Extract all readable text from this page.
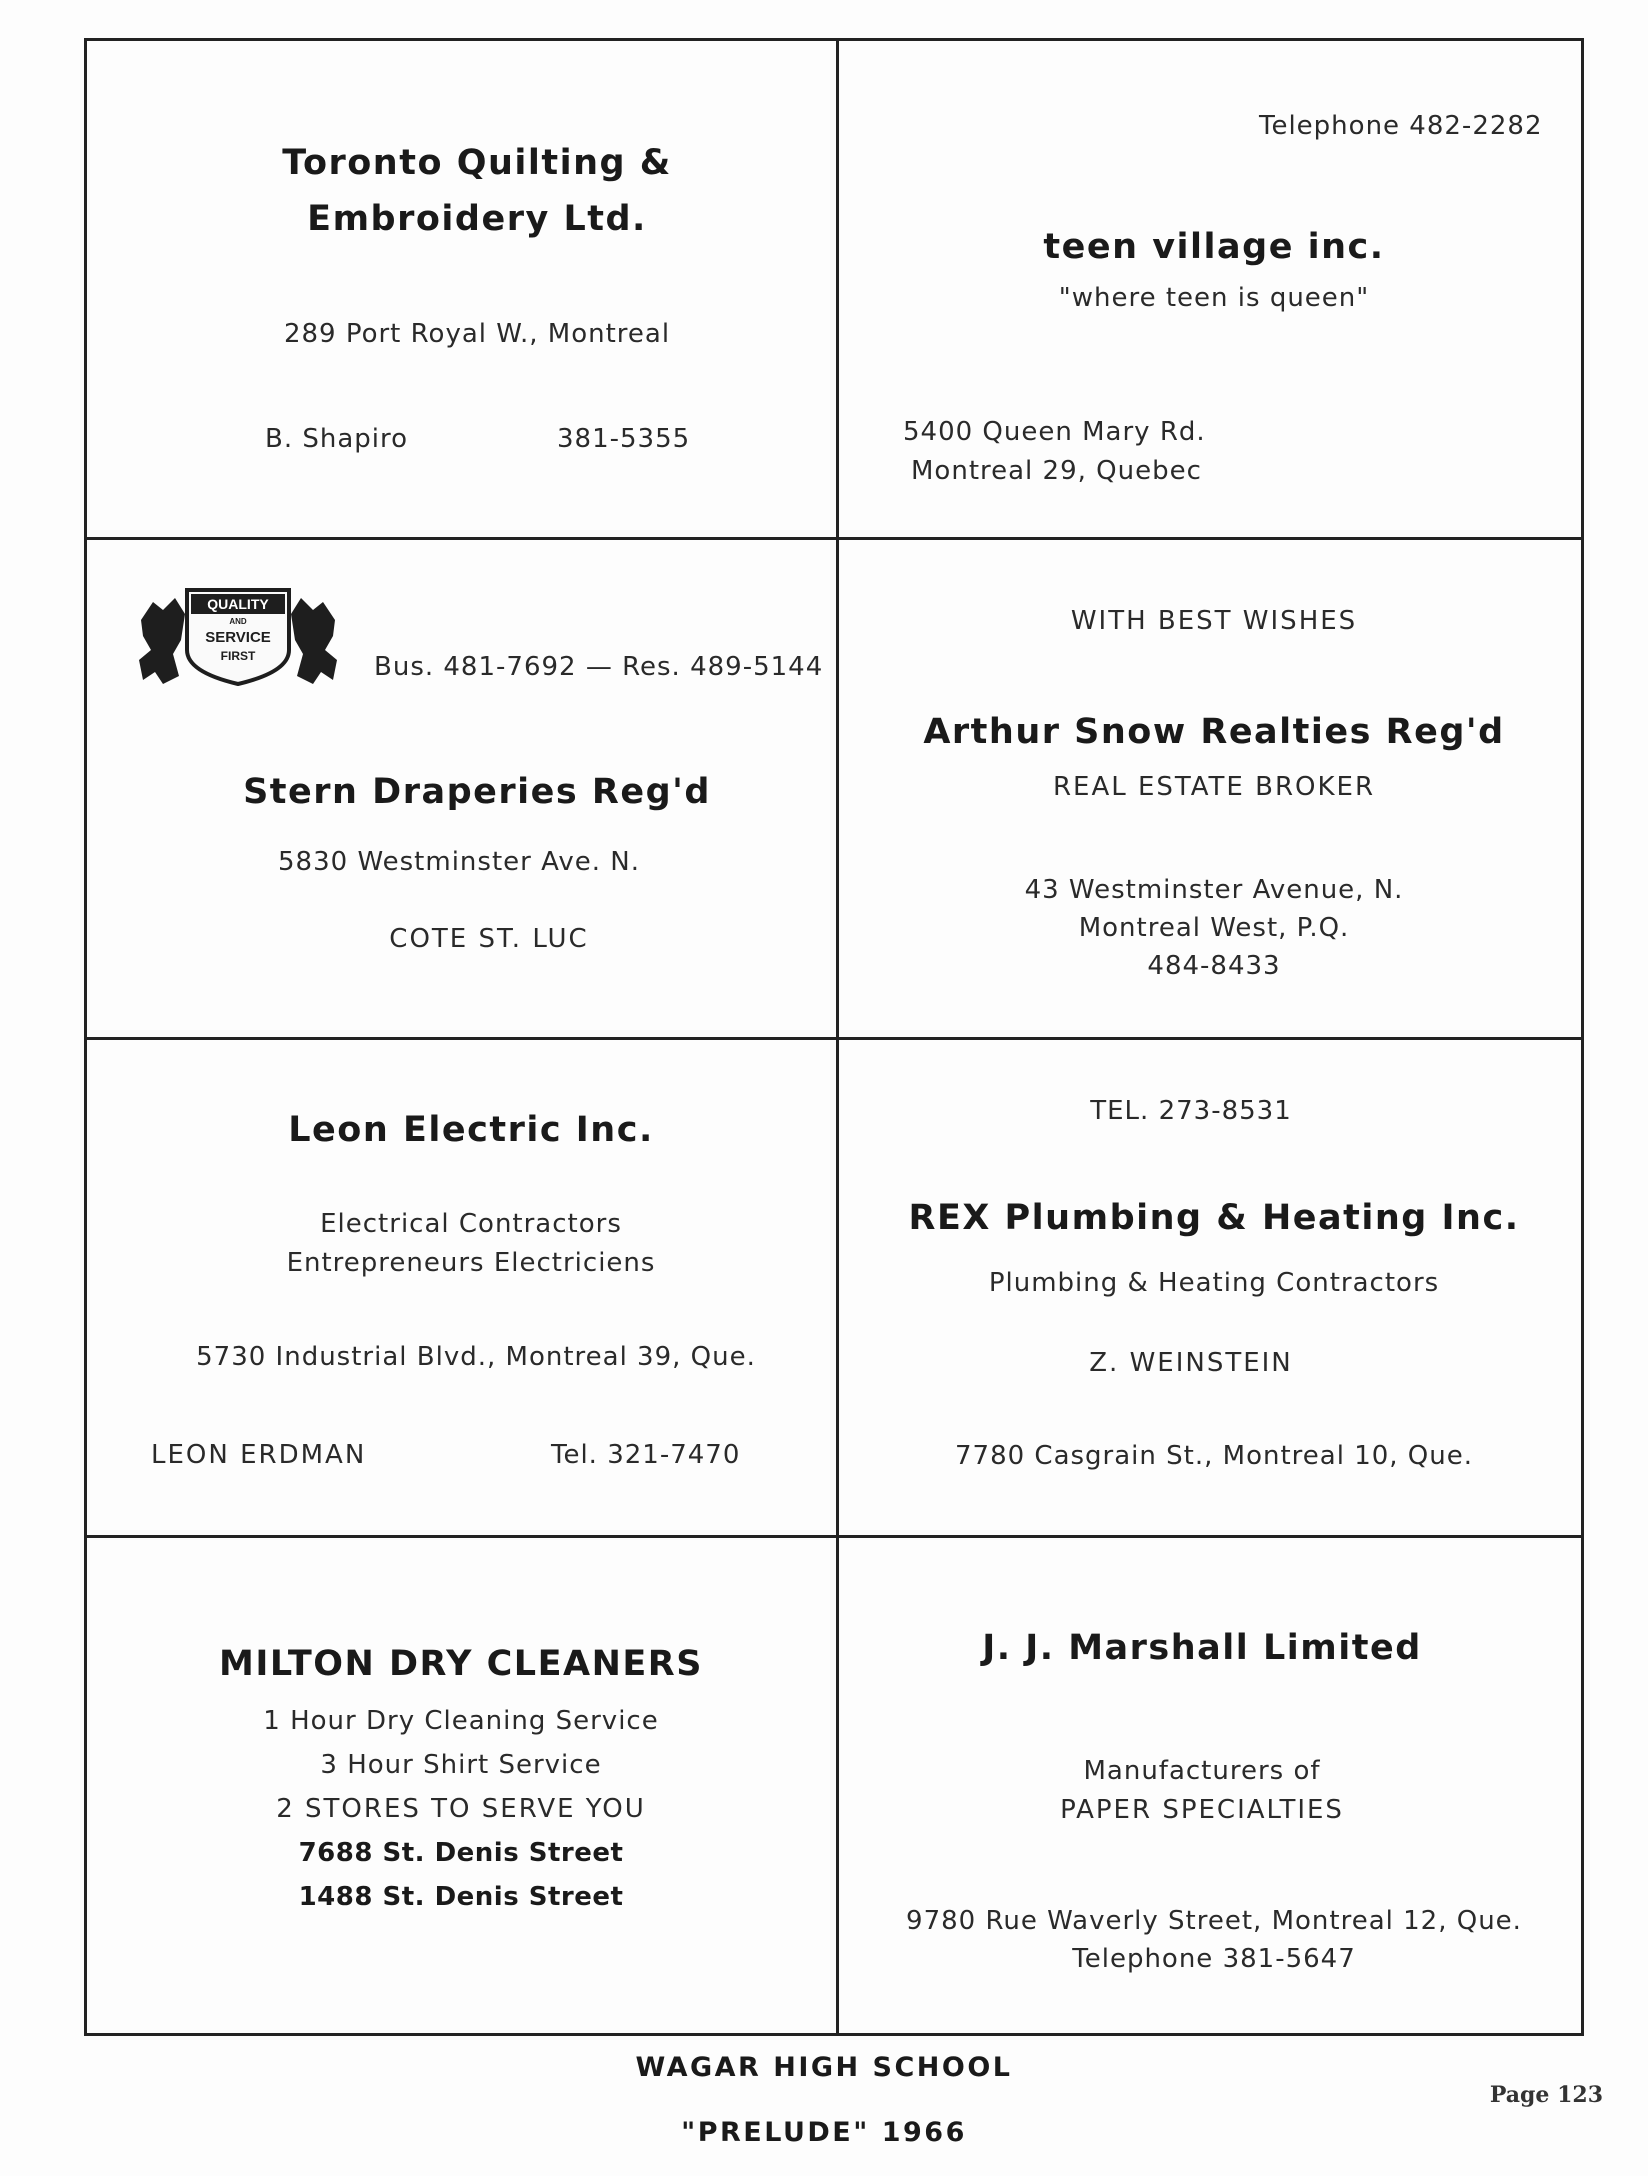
Toronto Quilting &
Embroidery Ltd.
289 Port Royal W., Montreal
B. Shapiro	381-5355
Telephone 482-2282
teen village inc.
"where teen is queen"
5400 Queen Mary Rd.
Montreal 29, Quebec
QUALITY
AND
SERVICE
FIRST	Bus. 481-7692 — Res. 489-5144
Stern Draperies Reg'd
5830 Westminster Ave. N.
COTE ST. LUC
WITH BEST WISHES
Arthur Snow Realties Reg'd
REAL ESTATE BROKER
43 Westminster Avenue, N.
Montreal West, P.Q.
484-8433
Leon Electric Inc.
Electrical Contractors
Entrepreneurs Electriciens
5730 Industrial Blvd., Montreal 39, Que.
LEON ERDMAN	Tel. 321-7470
TEL. 273-8531
REX Plumbing & Heating Inc.
Plumbing & Heating Contractors
Z. WEINSTEIN
7780 Casgrain St., Montreal 10, Que.
MILTON DRY CLEANERS
1 Hour Dry Cleaning Service
3 Hour Shirt Service
2 STORES TO SERVE YOU
7688 St. Denis Street
1488 St. Denis Street
J. J. Marshall Limited
Manufacturers of
PAPER SPECIALTIES
9780 Rue Waverly Street, Montreal 12, Que.
Telephone 381-5647
WAGAR HIGH SCHOOL
"PRELUDE" 1966
Page 123
